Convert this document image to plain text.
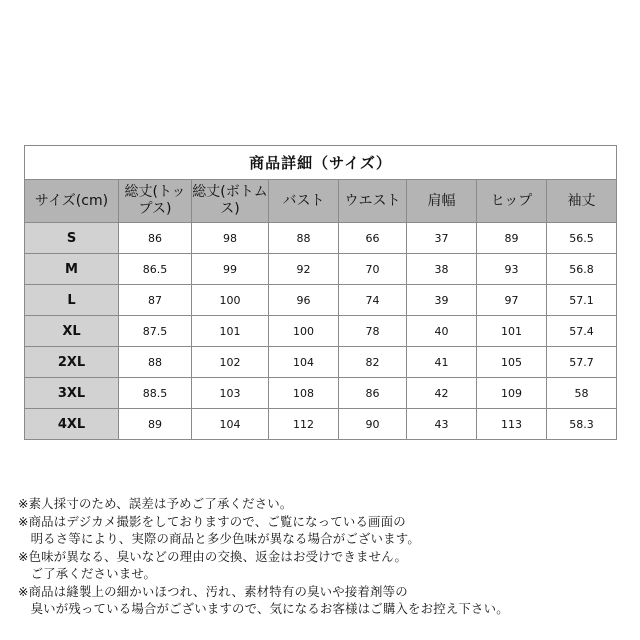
商品詳細（サイズ）							
サイズ(cm)	総丈(トップス)	総丈(ボトムス)	バスト	ウエスト	肩幅	ヒップ	袖丈
S	86	98	88	66	37	89	56.5
M	86.5	99	92	70	38	93	56.8
L	87	100	96	74	39	97	57.1
XL	87.5	101	100	78	40	101	57.4
2XL	88	102	104	82	41	105	57.7
3XL	88.5	103	108	86	42	109	58
4XL	89	104	112	90	43	113	58.3
※素人採寸のため、誤差は予めご了承ください。
※商品はデジカメ撮影をしておりますので、ご覧になっている画面の
　明るさ等により、実際の商品と多少色味が異なる場合がございます。
※色味が異なる、臭いなどの理由の交換、返金はお受けできません。
　ご了承くださいませ。
※商品は縫製上の細かいほつれ、汚れ、素材特有の臭いや接着剤等の
　臭いが残っている場合がございますので、気になるお客様はご購入をお控え下さい。
